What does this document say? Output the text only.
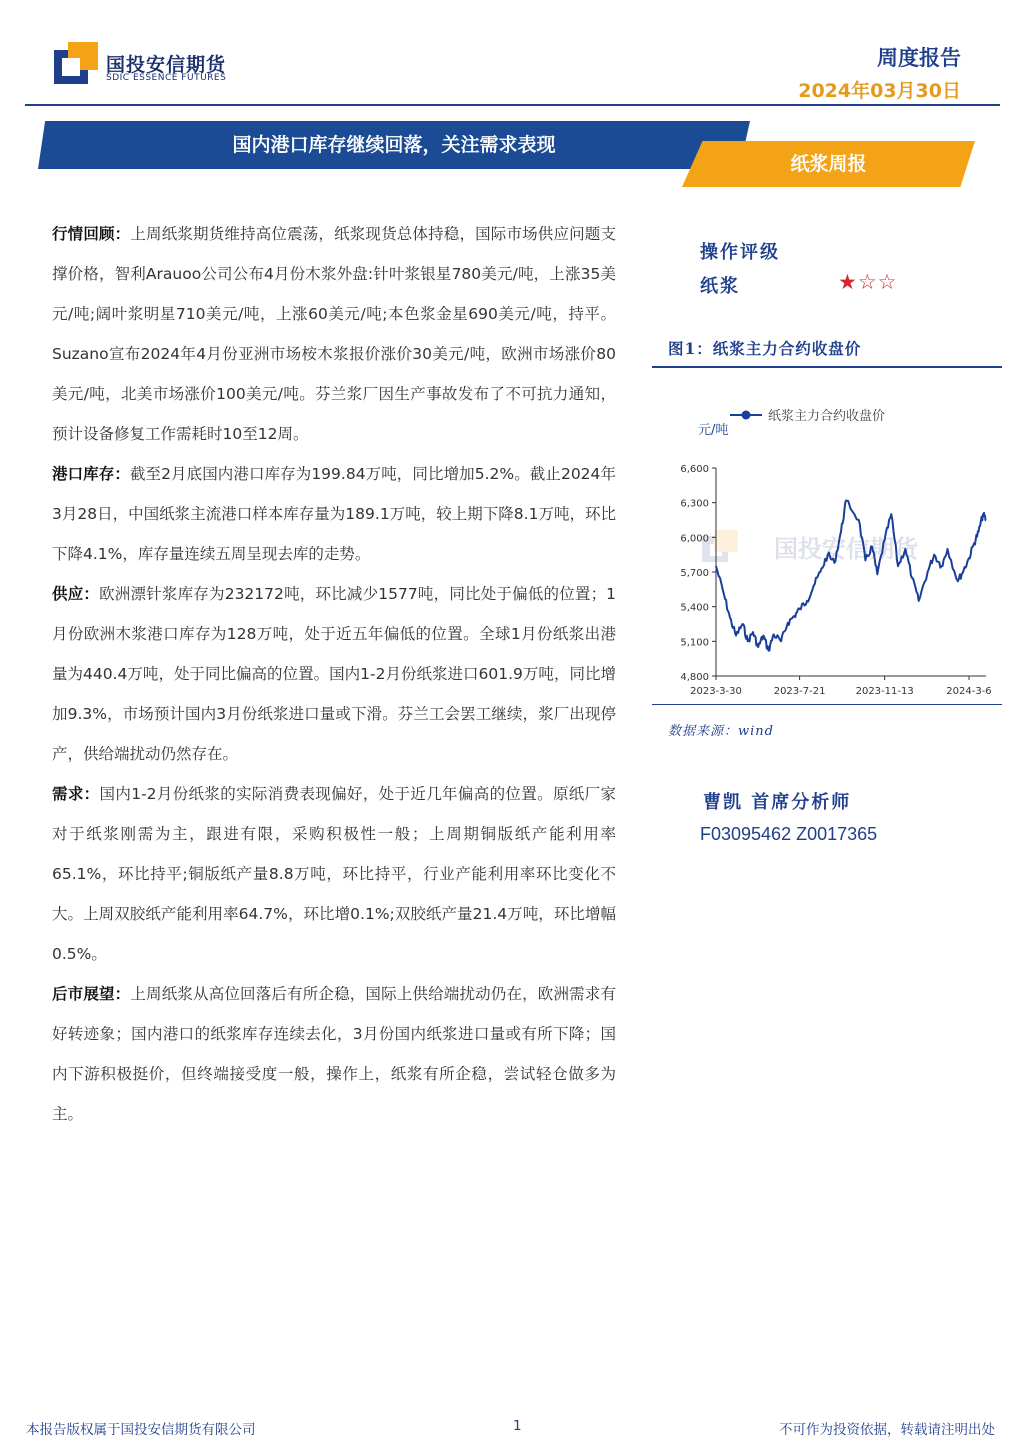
国投安信期货
SDIC ESSENCE FUTURES
周度报告
2024年03月30日
国内港口库存继续回落，关注需求表现
纸浆周报

行情回顾：上周纸浆期货维持高位震荡，纸浆现货总体持稳，国际市场供应问题支撑价格，智利Arauoo公司公布4月份木浆外盘:针叶浆银星780美元/吨，上涨35美元/吨;阔叶浆明星710美元/吨，上涨60美元/吨;本色浆金星690美元/吨，持平。Suzano宣布2024年4月份亚洲市场桉木浆报价涨价30美元/吨，欧洲市场涨价80美元/吨，北美市场涨价100美元/吨。芬兰浆厂因生产事故发布了不可抗力通知，预计设备修复工作需耗时10至12周。

港口库存：截至2月底国内港口库存为199.84万吨，同比增加5.2%。截止2024年3月28日，中国纸浆主流港口样本库存量为189.1万吨，较上期下降8.1万吨，环比下降4.1%，库存量连续五周呈现去库的走势。

供应：欧洲漂针浆库存为232172吨，环比减少1577吨，同比处于偏低的位置；1月份欧洲木浆港口库存为128万吨，处于近五年偏低的位置。全球1月份纸浆出港量为440.4万吨，处于同比偏高的位置。国内1-2月份纸浆进口601.9万吨，同比增加9.3%，市场预计国内3月份纸浆进口量或下滑。芬兰工会罢工继续，浆厂出现停产，供给端扰动仍然存在。

需求：国内1-2月份纸浆的实际消费表现偏好，处于近几年偏高的位置。原纸厂家对于纸浆刚需为主，跟进有限，采购积极性一般；上周期铜版纸产能利用率65.1%，环比持平;铜版纸产量8.8万吨，环比持平，行业产能利用率环比变化不大。上周双胶纸产能利用率64.7%，环比增0.1%;双胶纸产量21.4万吨，环比增幅0.5%。

后市展望：上周纸浆从高位回落后有所企稳，国际上供给端扰动仍在，欧洲需求有好转迹象；国内港口的纸浆库存连续去化，3月份国内纸浆进口量或有所下降；国内下游积极挺价，但终端接受度一般，操作上，纸浆有所企稳，尝试轻仓做多为主。

操作评级
纸浆	★☆☆
图1：纸浆主力合约收盘价
国投安信期货
纸浆主力合约收盘价
元/吨
6,600
6,300
6,000
5,700
5,400
5,100
4,800
2023-3-30	2023-7-21	2023-11-13	2024-3-6
数据来源：wind
曹凯 首席分析师
F03095462 Z0017365
本报告版权属于国投安信期货有限公司	1	不可作为投资依据，转载请注明出处
